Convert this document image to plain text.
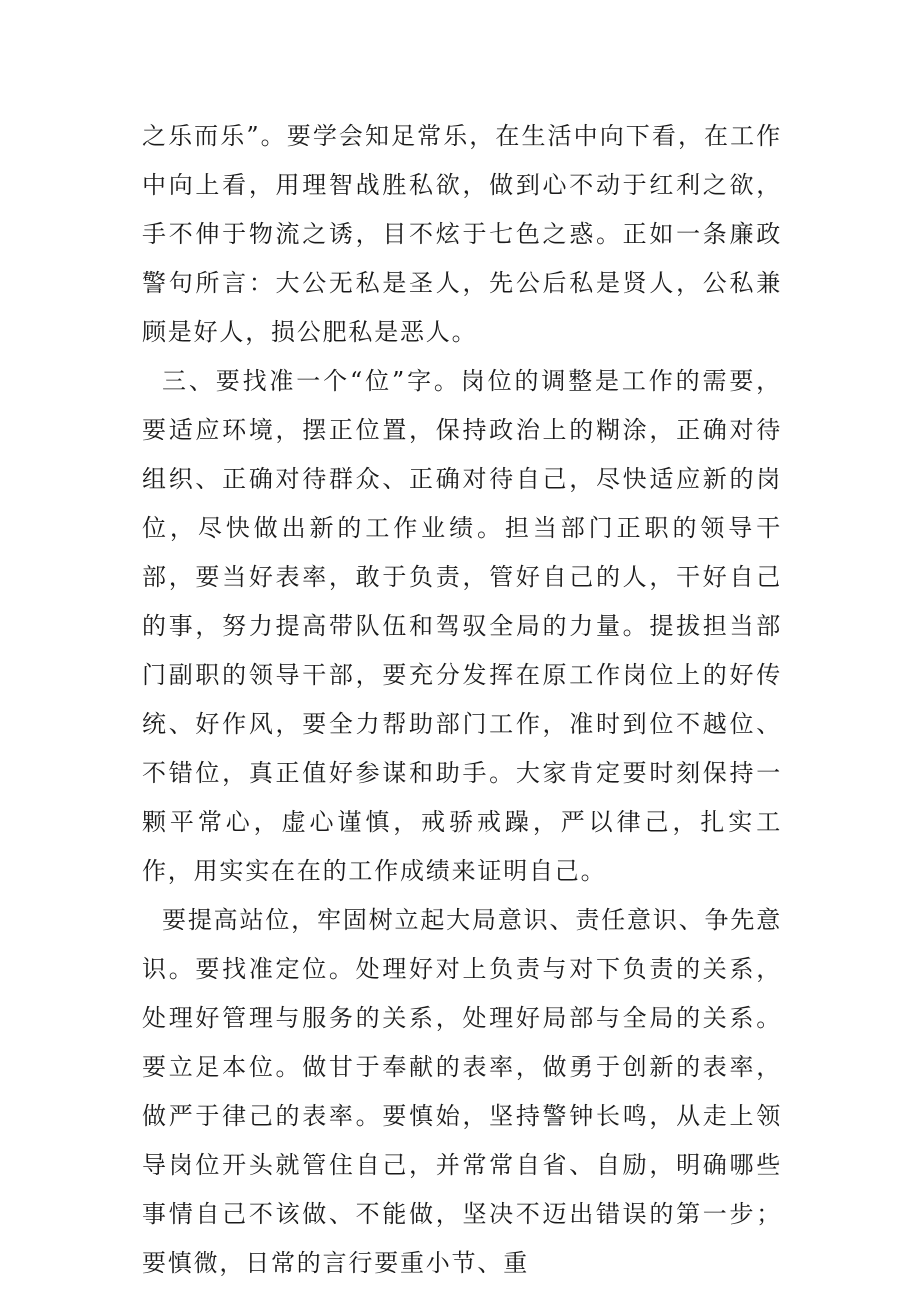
之乐而乐”。要学会知足常乐，在生活中向下看，在工作中向上看，用理智战胜私欲，做到心不动于红利之欲，手不伸于物流之诱，目不炫于七色之惑。正如一条廉政警句所言：大公无私是圣人，先公后私是贤人，公私兼顾是好人，损公肥私是恶人。

三、要找准一个“位”字。岗位的调整是工作的需要，要适应环境，摆正位置，保持政治上的糊涂，正确对待组织、正确对待群众、正确对待自己，尽快适应新的岗位，尽快做出新的工作业绩。担当部门正职的领导干部，要当好表率，敢于负责，管好自己的人，干好自己的事，努力提高带队伍和驾驭全局的力量。提拔担当部门副职的领导干部，要充分发挥在原工作岗位上的好传统、好作风，要全力帮助部门工作，准时到位不越位、不错位，真正值好参谋和助手。大家肯定要时刻保持一颗平常心，虚心谨慎，戒骄戒躁，严以律己，扎实工作，用实实在在的工作成绩来证明自己。

要提高站位，牢固树立起大局意识、责任意识、争先意识。要找准定位。处理好对上负责与对下负责的关系，处理好管理与服务的关系，处理好局部与全局的关系。要立足本位。做甘于奉献的表率，做勇于创新的表率，做严于律己的表率。要慎始，坚持警钟长鸣，从走上领导岗位开头就管住自己，并常常自省、自励，明确哪些事情自己不该做、不能做，坚决不迈出错误的第一步；要慎微，日常的言行要重小节、重
